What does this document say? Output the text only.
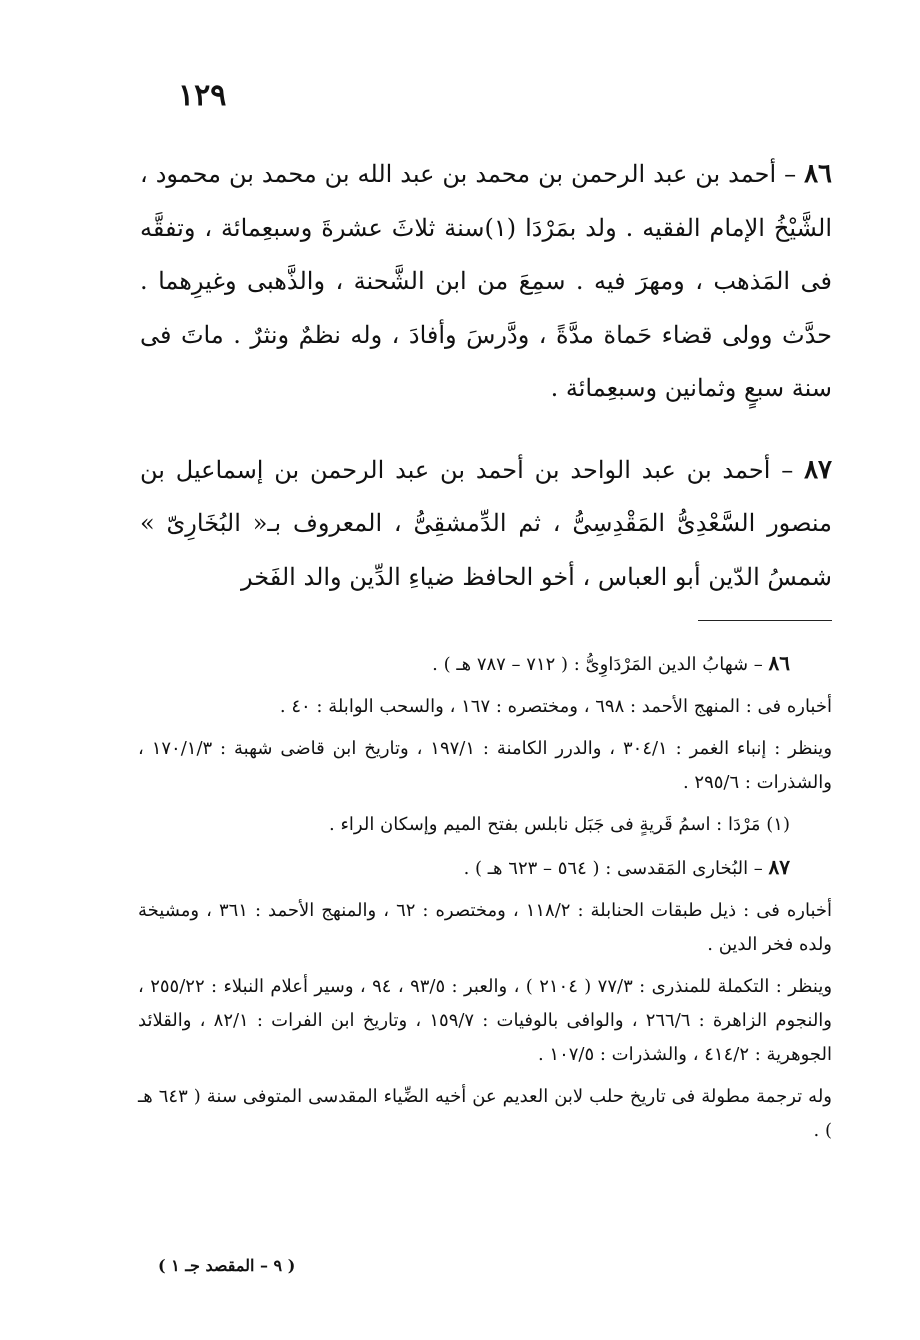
١٢٩

٨٦ – أحمد بن عبد الرحمن بن محمد بن عبد الله بن محمد بن محمود ، الشَّيْخُ الإمام الفقيه . ولد بمَرْدَا (١)سنة ثلاثَ عشرةَ وسبعِمائة ، وتفقَّه فى المَذهب ، ومهرَ فيه . سمِعَ من ابن الشَّحنة ، والذَّهبى وغيرِهما . حدَّث وولى قضاء حَماة مدَّةً ، ودَّرسَ وأفادَ ، وله نظمٌ ونثرٌ . ماتَ فى سنة سبعٍ وثمانين وسبعِمائة .

٨٧ – أحمد بن عبد الواحد بن أحمد بن عبد الرحمن بن إسماعيل بن منصور السَّعْدِىُّ المَقْدِسِىُّ ، ثم الدِّمشقِىُّ ، المعروف بـ« البُخَارِىّ » شمسُ الدّين أبو العباس ، أخو الحافظ ضياءِ الدِّين والد الفَخر

٨٦ – شهابُ الدين المَرْدَاوِىُّ : ( ٧١٢ – ٧٨٧ هـ ) .

أخباره فى : المنهج الأحمد : ٦٩٨ ، ومختصره : ١٦٧ ، والسحب الوابلة : ٤٠ .

وينظر : إنباء الغمر : ٣٠٤/١ ، والدرر الكامنة : ١٩٧/١ ، وتاريخ ابن قاضى شهبة : ١٧٠/١/٣ ، والشذرات : ٢٩٥/٦ .

(١) مَرْدَا : اسمُ قَريةٍ فى جَبَل نابلس بفتح الميم وإسكان الراء .

٨٧ – البُخارى المَقدسى : ( ٥٦٤ – ٦٢٣ هـ ) .

أخباره فى : ذيل طبقات الحنابلة : ١١٨/٢ ، ومختصره : ٦٢ ، والمنهج الأحمد : ٣٦١ ، ومشيخة ولده فخر الدين .

وينظر : التكملة للمنذرى : ٧٧/٣ ( ٢١٠٤ ) ، والعبر : ٩٣/٥ ، ٩٤ ، وسير أعلام النبلاء : ٢٥٥/٢٢ ، والنجوم الزاهرة : ٢٦٦/٦ ، والوافى بالوفيات : ١٥٩/٧ ، وتاريخ ابن الفرات : ٨٢/١ ، والقلائد الجوهرية : ٤١٤/٢ ، والشذرات : ١٠٧/٥ .

وله ترجمة مطولة فى تاريخ حلب لابن العديم عن أخيه الضِّياء المقدسى المتوفى سنة ( ٦٤٣ هـ ) .

( ٩ – المقصد جـ ١ )
